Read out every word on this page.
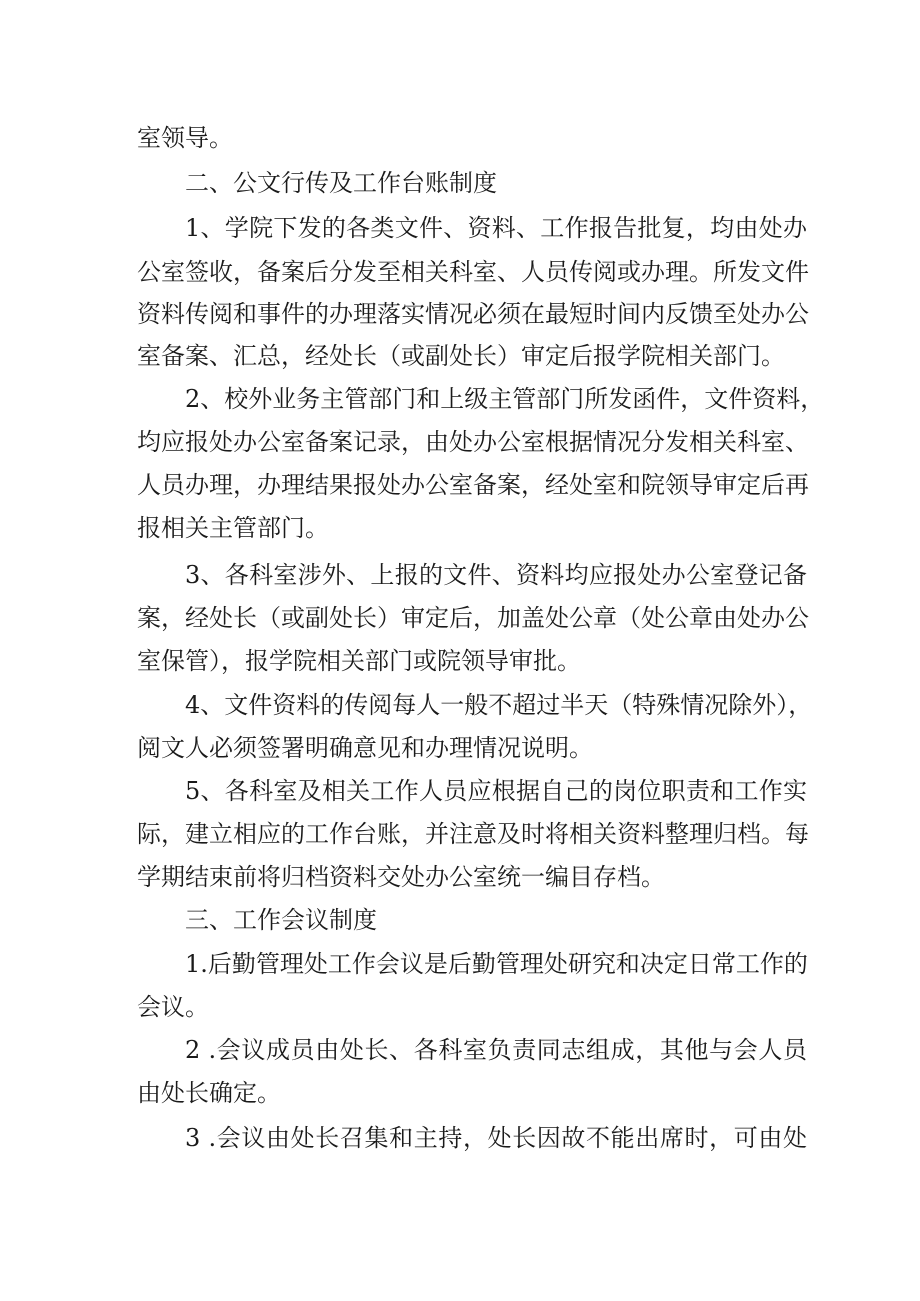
室领导。
二、公文行传及工作台账制度
1、学院下发的各类文件、资料、工作报告批复，均由处办
公室签收，备案后分发至相关科室、人员传阅或办理。所发文件
资料传阅和事件的办理落实情况必须在最短时间内反馈至处办公
室备案、汇总，经处长（或副处长）审定后报学院相关部门。
2、校外业务主管部门和上级主管部门所发函件，文件资料，
均应报处办公室备案记录，由处办公室根据情况分发相关科室、
人员办理，办理结果报处办公室备案，经处室和院领导审定后再
报相关主管部门。
3、各科室涉外、上报的文件、资料均应报处办公室登记备
案，经处长（或副处长）审定后，加盖处公章（处公章由处办公
室保管），报学院相关部门或院领导审批。
4、文件资料的传阅每人一般不超过半天（特殊情况除外），
阅文人必须签署明确意见和办理情况说明。
5、各科室及相关工作人员应根据自己的岗位职责和工作实
际，建立相应的工作台账，并注意及时将相关资料整理归档。每
学期结束前将归档资料交处办公室统一编目存档。
三、工作会议制度
1.后勤管理处工作会议是后勤管理处研究和决定日常工作的
会议。
2 .会议成员由处长、各科室负责同志组成，其他与会人员
由处长确定。
3 .会议由处长召集和主持，处长因故不能出席时，可由处
